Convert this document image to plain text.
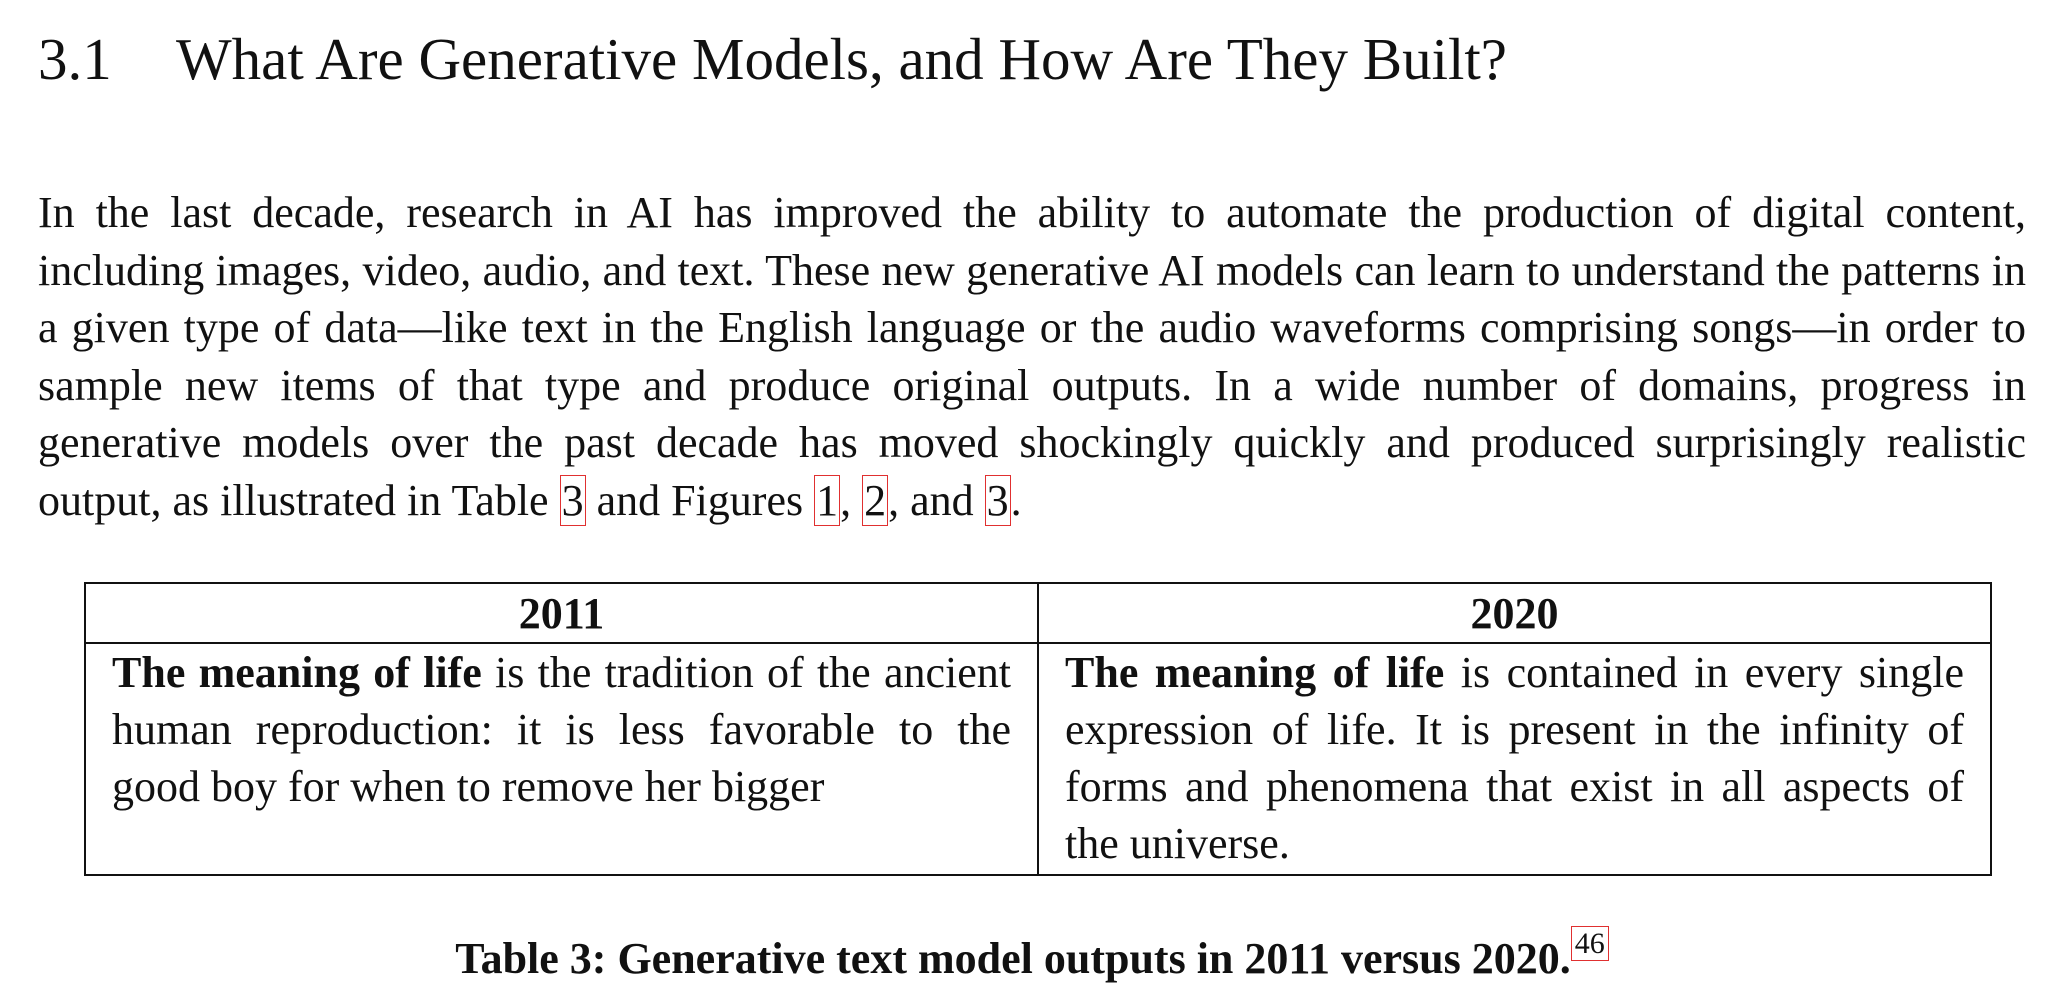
3.1 What Are Generative Models, and How Are They Built?

In the last decade, research in AI has improved the ability to automate the production of digital content, including images, video, audio, and text. These new generative AI models can learn to understand the patterns in a given type of data—like text in the English language or the audio waveforms comprising songs—in order to sample new items of that type and produce original outputs. In a wide number of domains, progress in generative models over the past decade has moved shockingly quickly and produced surprisingly realistic output, as illustrated in Table 3 and Figures 1, 2, and 3.

2011	2020
The meaning of life is the tradition of the ancient human reproduction: it is less favorable to the good boy for when to remove her bigger	The meaning of life is contained in every single expression of life. It is present in the infinity of forms and phenomena that exist in all aspects of the universe.
Table 3: Generative text model outputs in 2011 versus 2020. $^{46}$
